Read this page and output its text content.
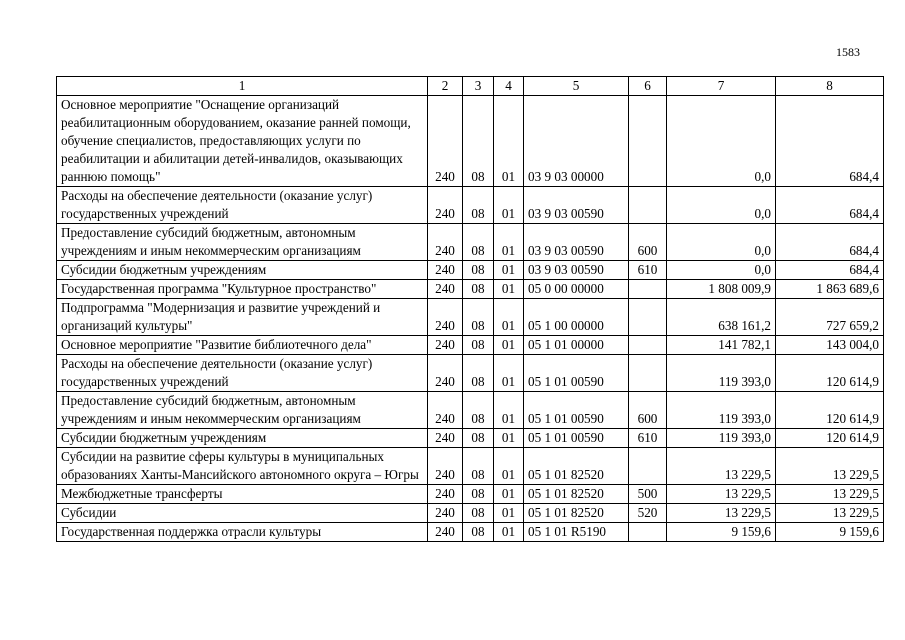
1583
1	2	3	4	5	6	7	8
Основное мероприятие "Оснащение организаций реабилитационным оборудованием, оказание ранней помощи, обучение специалистов, предоставляющих услуги по реабилитации и абилитации детей-инвалидов, оказывающих раннюю помощь"	240	08	01	03 9 03 00000		0,0	684,4
Расходы на обеспечение деятельности (оказание услуг) государственных учреждений	240	08	01	03 9 03 00590		0,0	684,4
Предоставление субсидий бюджетным, автономным учреждениям и иным некоммерческим организациям	240	08	01	03 9 03 00590	600	0,0	684,4
Субсидии бюджетным учреждениям	240	08	01	03 9 03 00590	610	0,0	684,4
Государственная программа "Культурное пространство"	240	08	01	05 0 00 00000		1 808 009,9	1 863 689,6
Подпрограмма "Модернизация и развитие учреждений и организаций культуры"	240	08	01	05 1 00 00000		638 161,2	727 659,2
Основное мероприятие "Развитие библиотечного дела"	240	08	01	05 1 01 00000		141 782,1	143 004,0
Расходы на обеспечение деятельности (оказание услуг) государственных учреждений	240	08	01	05 1 01 00590		119 393,0	120 614,9
Предоставление субсидий бюджетным, автономным учреждениям и иным некоммерческим организациям	240	08	01	05 1 01 00590	600	119 393,0	120 614,9
Субсидии бюджетным учреждениям	240	08	01	05 1 01 00590	610	119 393,0	120 614,9
Субсидии на развитие сферы культуры в муниципальных образованиях Ханты-Мансийского автономного округа – Югры	240	08	01	05 1 01 82520		13 229,5	13 229,5
Межбюджетные трансферты	240	08	01	05 1 01 82520	500	13 229,5	13 229,5
Субсидии	240	08	01	05 1 01 82520	520	13 229,5	13 229,5
Государственная поддержка отрасли культуры	240	08	01	05 1 01 R5190		9 159,6	9 159,6
